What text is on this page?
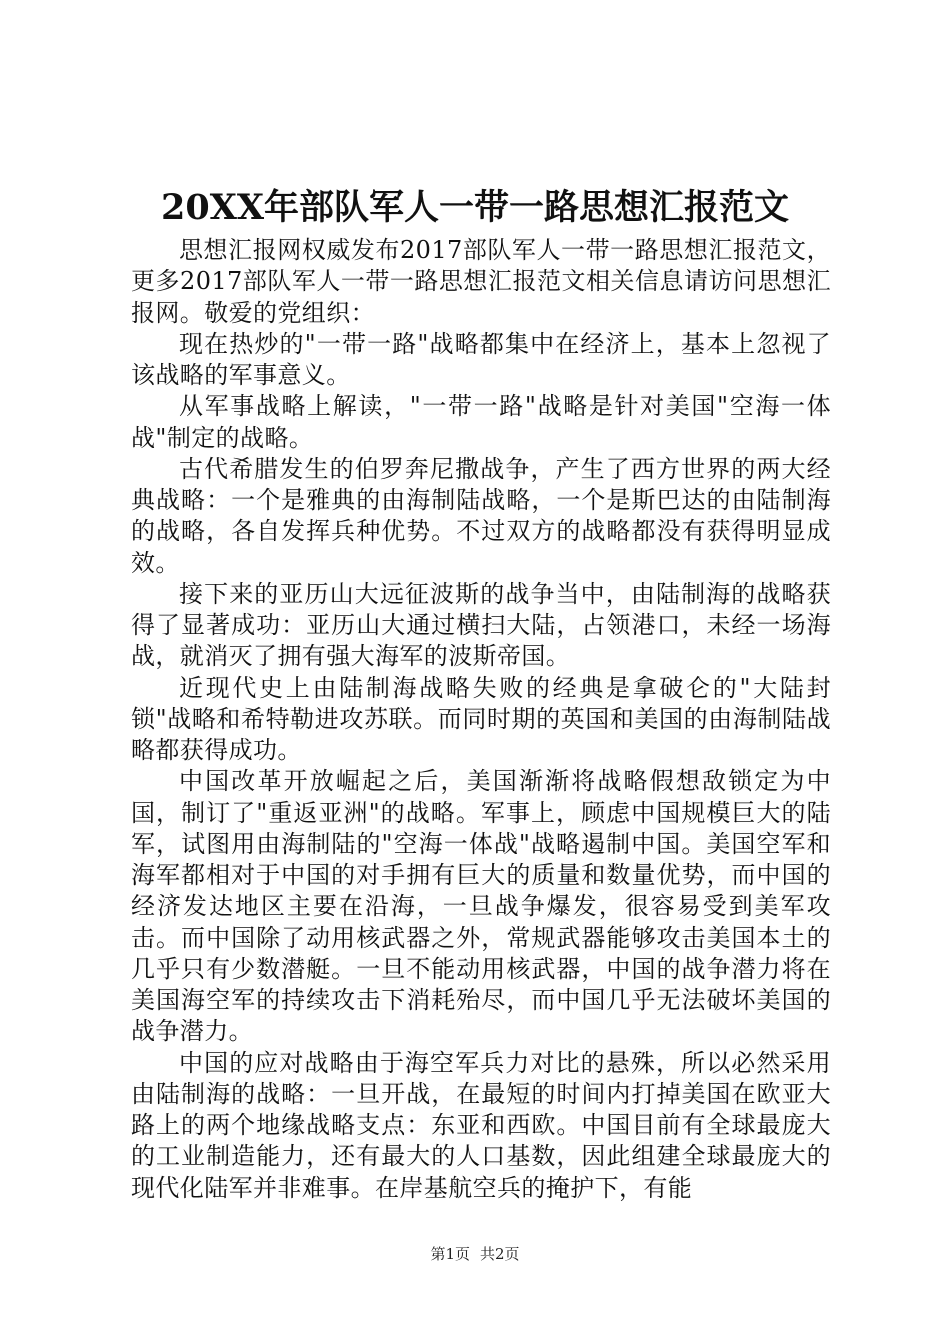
20XX年部队军人一带一路思想汇报范文

思想汇报网权威发布2017部队军人一带一路思想汇报范文，更多2017部队军人一带一路思想汇报范文相关信息请访问思想汇报网。敬爱的党组织：

现在热炒的"一带一路"战略都集中在经济上，基本上忽视了该战略的军事意义。

从军事战略上解读，"一带一路"战略是针对美国"空海一体战"制定的战略。

古代希腊发生的伯罗奔尼撒战争，产生了西方世界的两大经典战略：一个是雅典的由海制陆战略，一个是斯巴达的由陆制海的战略，各自发挥兵种优势。不过双方的战略都没有获得明显成效。

接下来的亚历山大远征波斯的战争当中，由陆制海的战略获得了显著成功：亚历山大通过横扫大陆，占领港口，未经一场海战，就消灭了拥有强大海军的波斯帝国。

近现代史上由陆制海战略失败的经典是拿破仑的"大陆封锁"战略和希特勒进攻苏联。而同时期的英国和美国的由海制陆战略都获得成功。

中国改革开放崛起之后，美国渐渐将战略假想敌锁定为中国，制订了"重返亚洲"的战略。军事上，顾虑中国规模巨大的陆军，试图用由海制陆的"空海一体战"战略遏制中国。美国空军和海军都相对于中国的对手拥有巨大的质量和数量优势，而中国的经济发达地区主要在沿海，一旦战争爆发，很容易受到美军攻击。而中国除了动用核武器之外，常规武器能够攻击美国本土的几乎只有少数潜艇。一旦不能动用核武器，中国的战争潜力将在美国海空军的持续攻击下消耗殆尽，而中国几乎无法破坏美国的战争潜力。

中国的应对战略由于海空军兵力对比的悬殊，所以必然采用由陆制海的战略：一旦开战，在最短的时间内打掉美国在欧亚大路上的两个地缘战略支点：东亚和西欧。中国目前有全球最庞大的工业制造能力，还有最大的人口基数，因此组建全球最庞大的现代化陆军并非难事。在岸基航空兵的掩护下，有能

第1页 共2页
